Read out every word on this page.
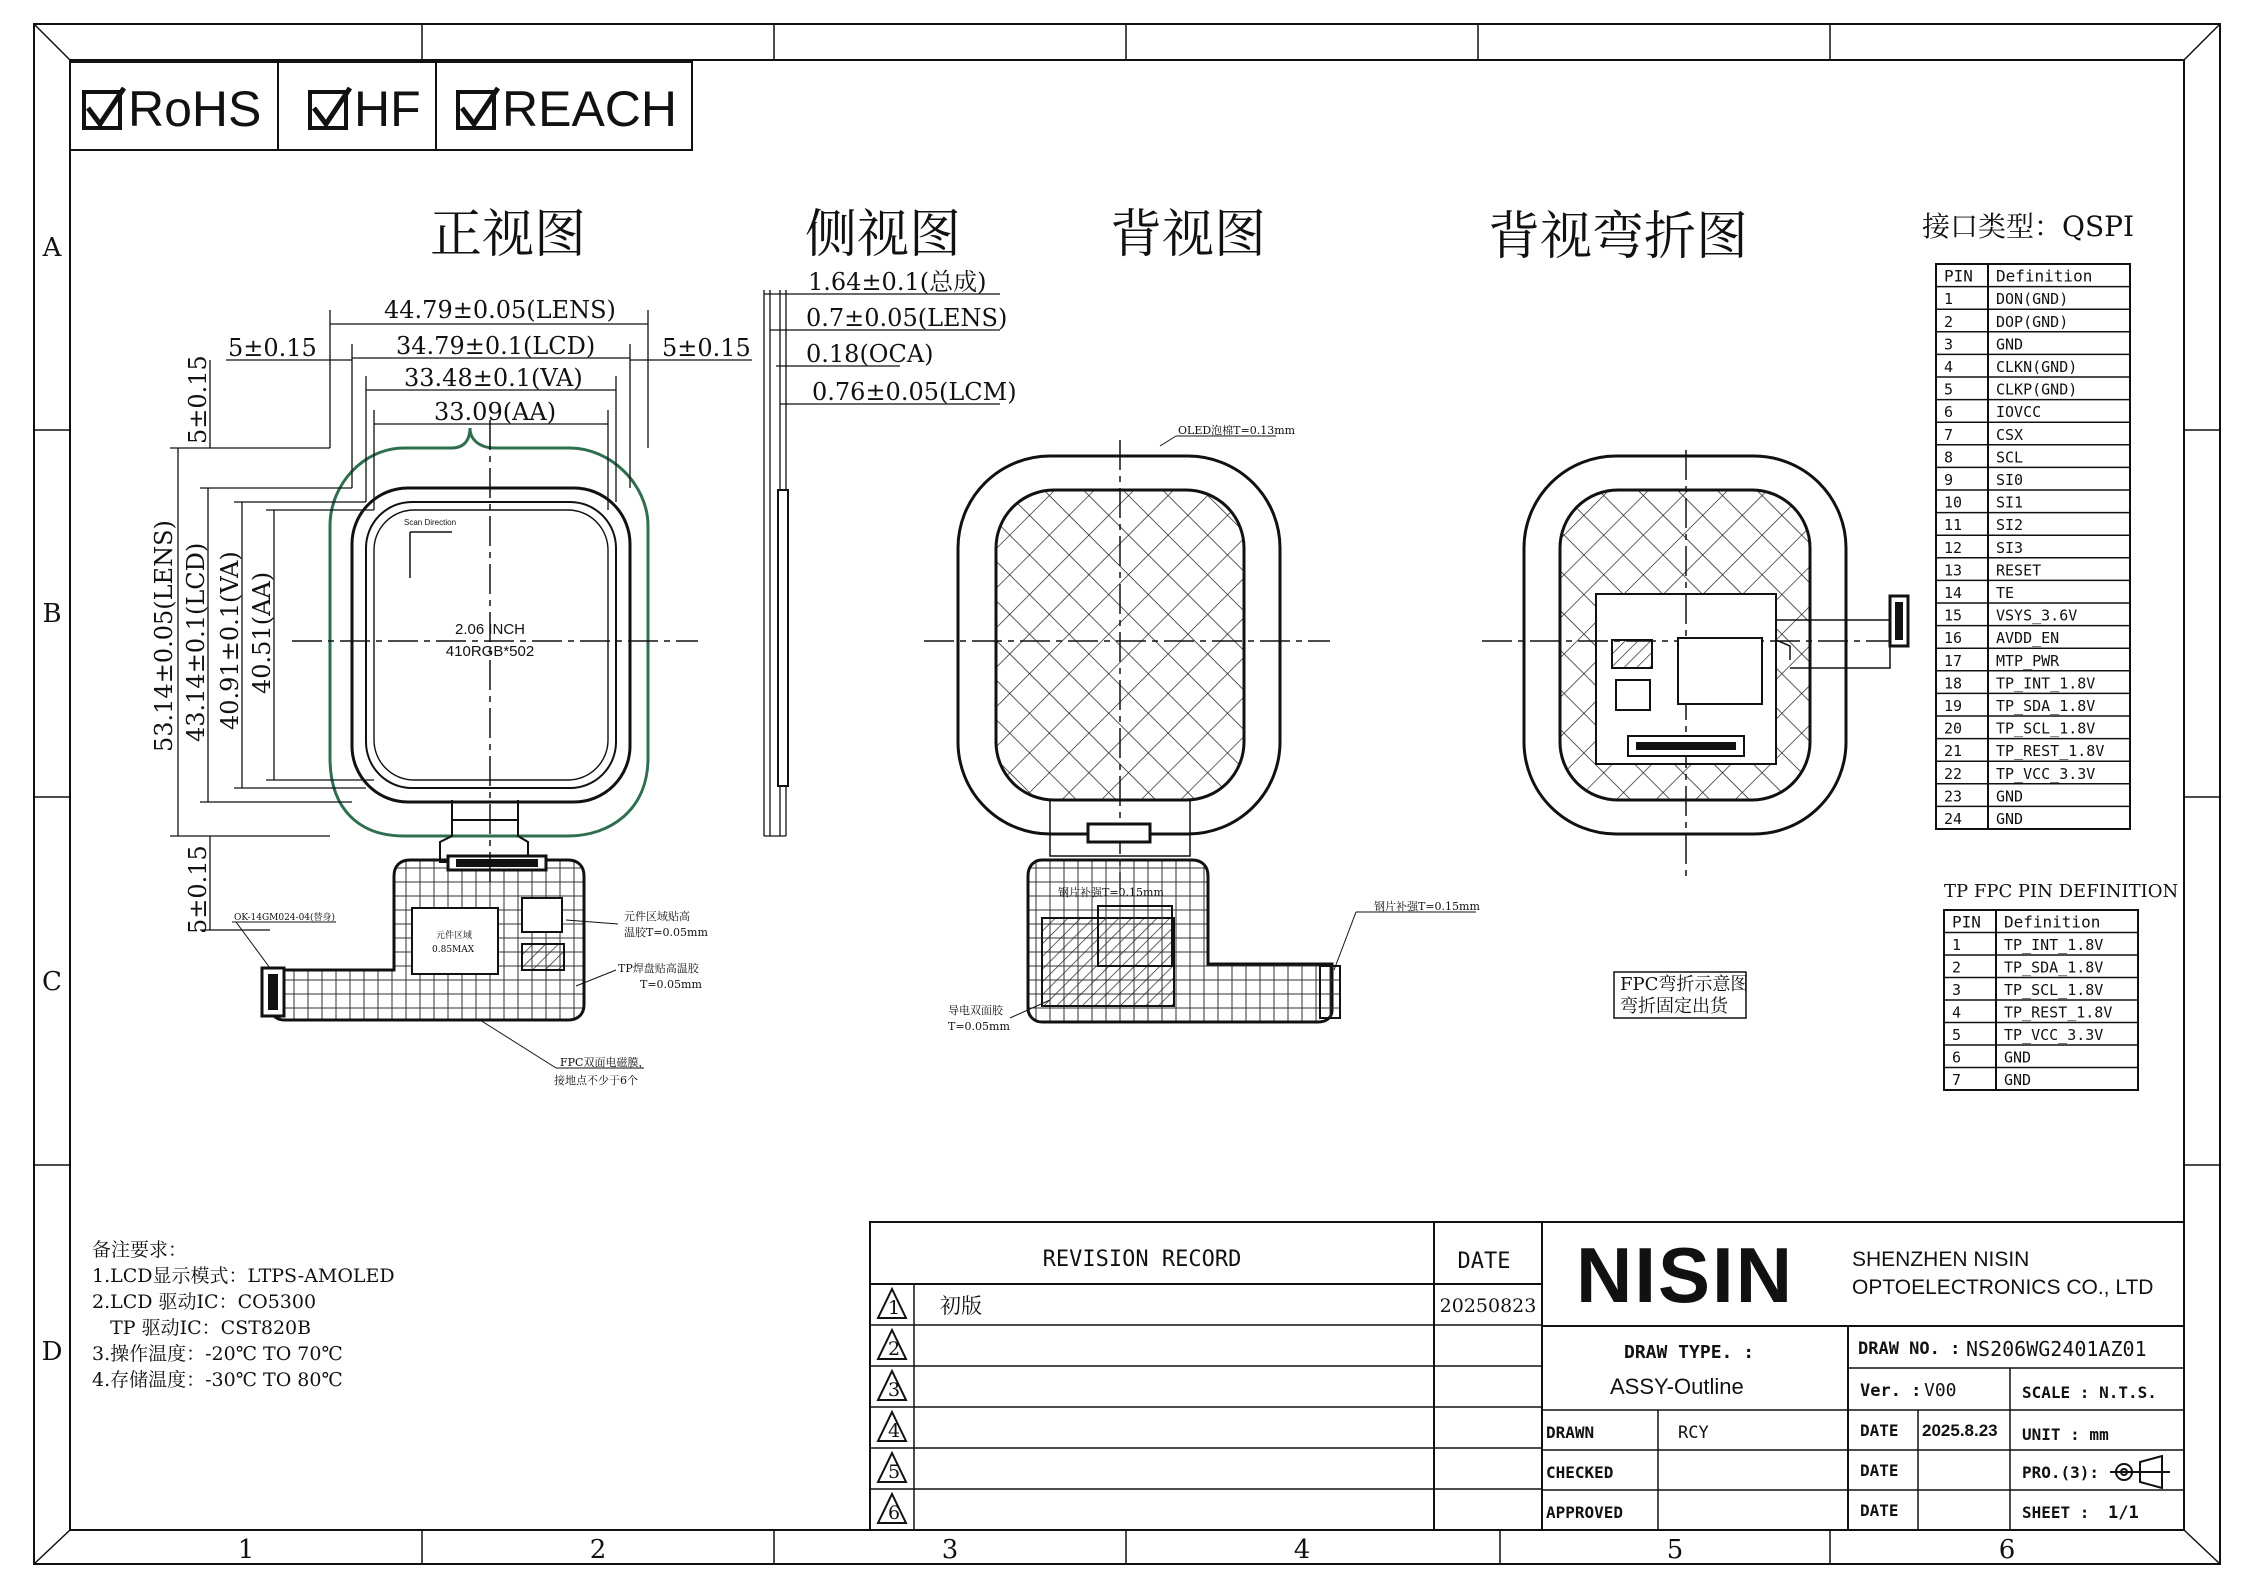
1	2	3	4	5	6
A
B
C
D
RoHS HF REACH
正视图	侧视图	背视图	背视弯折图	接口类型：QSPI
元件区域
0.85MAX
44.79±0.05(LENS)
34.79±0.1(LCD)
33.48±0.1(VA)
33.09(AA)
5±0.15	5±0.15
53.14±0.05(LENS) 43.14±0.1(LCD) 40.91±0.1(VA) 40.51(AA)
5±0.15
5±0.15
Scan Direction
2.06 INCH
410RGB*502
OK-14GM024-04(替身)	元件区域贴高
温胶T=0.05mm
TP焊盘贴高温胶
T=0.05mm
FPC双面电磁膜，
接地点不少于6个
1.64±0.1(总成)
0.7±0.05(LENS)
0.18(OCA)
0.76±0.05(LCM)
OLED泡棉T=0.13mm
钢片补强T=0.15mm
钢片补强T=0.15mm
导电双面胶
T=0.05mm
FPC弯折示意图
弯折固定出货
PIN Definition
1	DON(GND)
2	DOP(GND)
3	GND
4	CLKN(GND)
5	CLKP(GND)
6	IOVCC
7	CSX
8	SCL
9	SI0
10 SI1
11 SI2
12 SI3
13 RESET
14 TE
15 VSYS_3.6V
16 AVDD_EN
17 MTP_PWR
18 TP_INT_1.8V
19 TP_SDA_1.8V
20 TP_SCL_1.8V
21 TP_REST_1.8V
22 TP_VCC_3.3V
23 GND
24 GND
TP FPC PIN DEFINITION
PIN Definition
1	TP_INT_1.8V
2	TP_SDA_1.8V
3	TP_SCL_1.8V
4	TP_REST_1.8V
5	TP_VCC_3.3V
6	GND
7	GND
备注要求：
1.LCD显示模式：LTPS-AMOLED
2.LCD 驱动IC：CO5300
TP 驱动IC：CST820B
3.操作温度：-20℃ TO 70℃
4.存储温度：-30℃ TO 80℃
REVISION RECORD	DATE
1 初版	20250823
2
3
4
5
6
NISIN	SHENZHEN NISIN
OPTOELECTRONICS CO., LTD
DRAW TYPE. :
ASSY-Outline
DRAW NO. : NS206WG2401AZ01
Ver. : V00	SCALE : N.T.S.
DRAWN	RCY
CHECKED
APPROVED
DATE
DATE
DATE
2025.8.23 UNIT : mm
PRO.(3):
SHEET : 1/1
